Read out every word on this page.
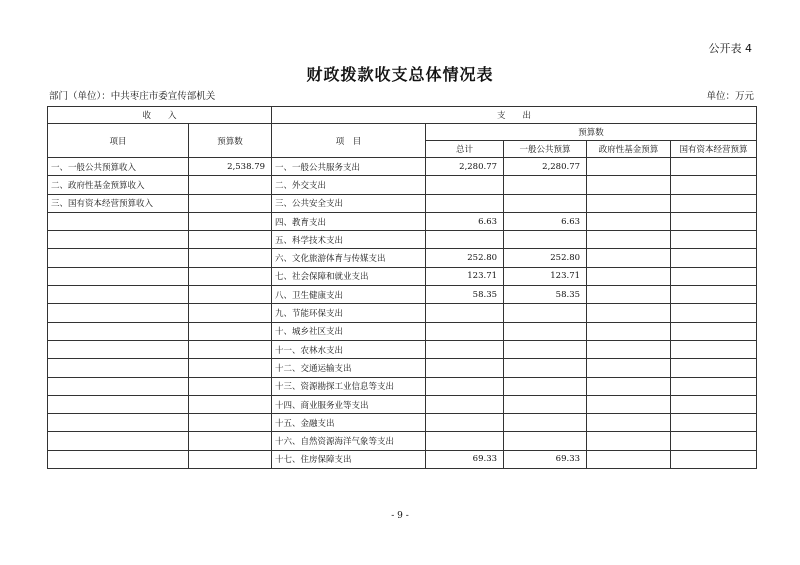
公开表 4
财政拨款收支总体情况表
部门（单位）：中共枣庄市委宣传部机关	单位：万元
收　　入		支　　出				
项目	预算数	项　目	预算数			
			总计	一般公共预算	政府性基金预算	国有资本经营预算
一、一般公共预算收入	2,538.79	一、一般公共服务支出	2,280.77	2,280.77		
二、政府性基金预算收入		二、外交支出				
三、国有资本经营预算收入		三、公共安全支出				
		四、教育支出	6.63	6.63		
		五、科学技术支出				
		六、文化旅游体育与传媒支出	252.80	252.80		
		七、社会保障和就业支出	123.71	123.71		
		八、卫生健康支出	58.35	58.35		
		九、节能环保支出				
		十、城乡社区支出				
		十一、农林水支出				
		十二、交通运输支出				
		十三、资源勘探工业信息等支出				
		十四、商业服务业等支出				
		十五、金融支出				
		十六、自然资源海洋气象等支出				
		十七、住房保障支出	69.33	69.33		
- 9 -
